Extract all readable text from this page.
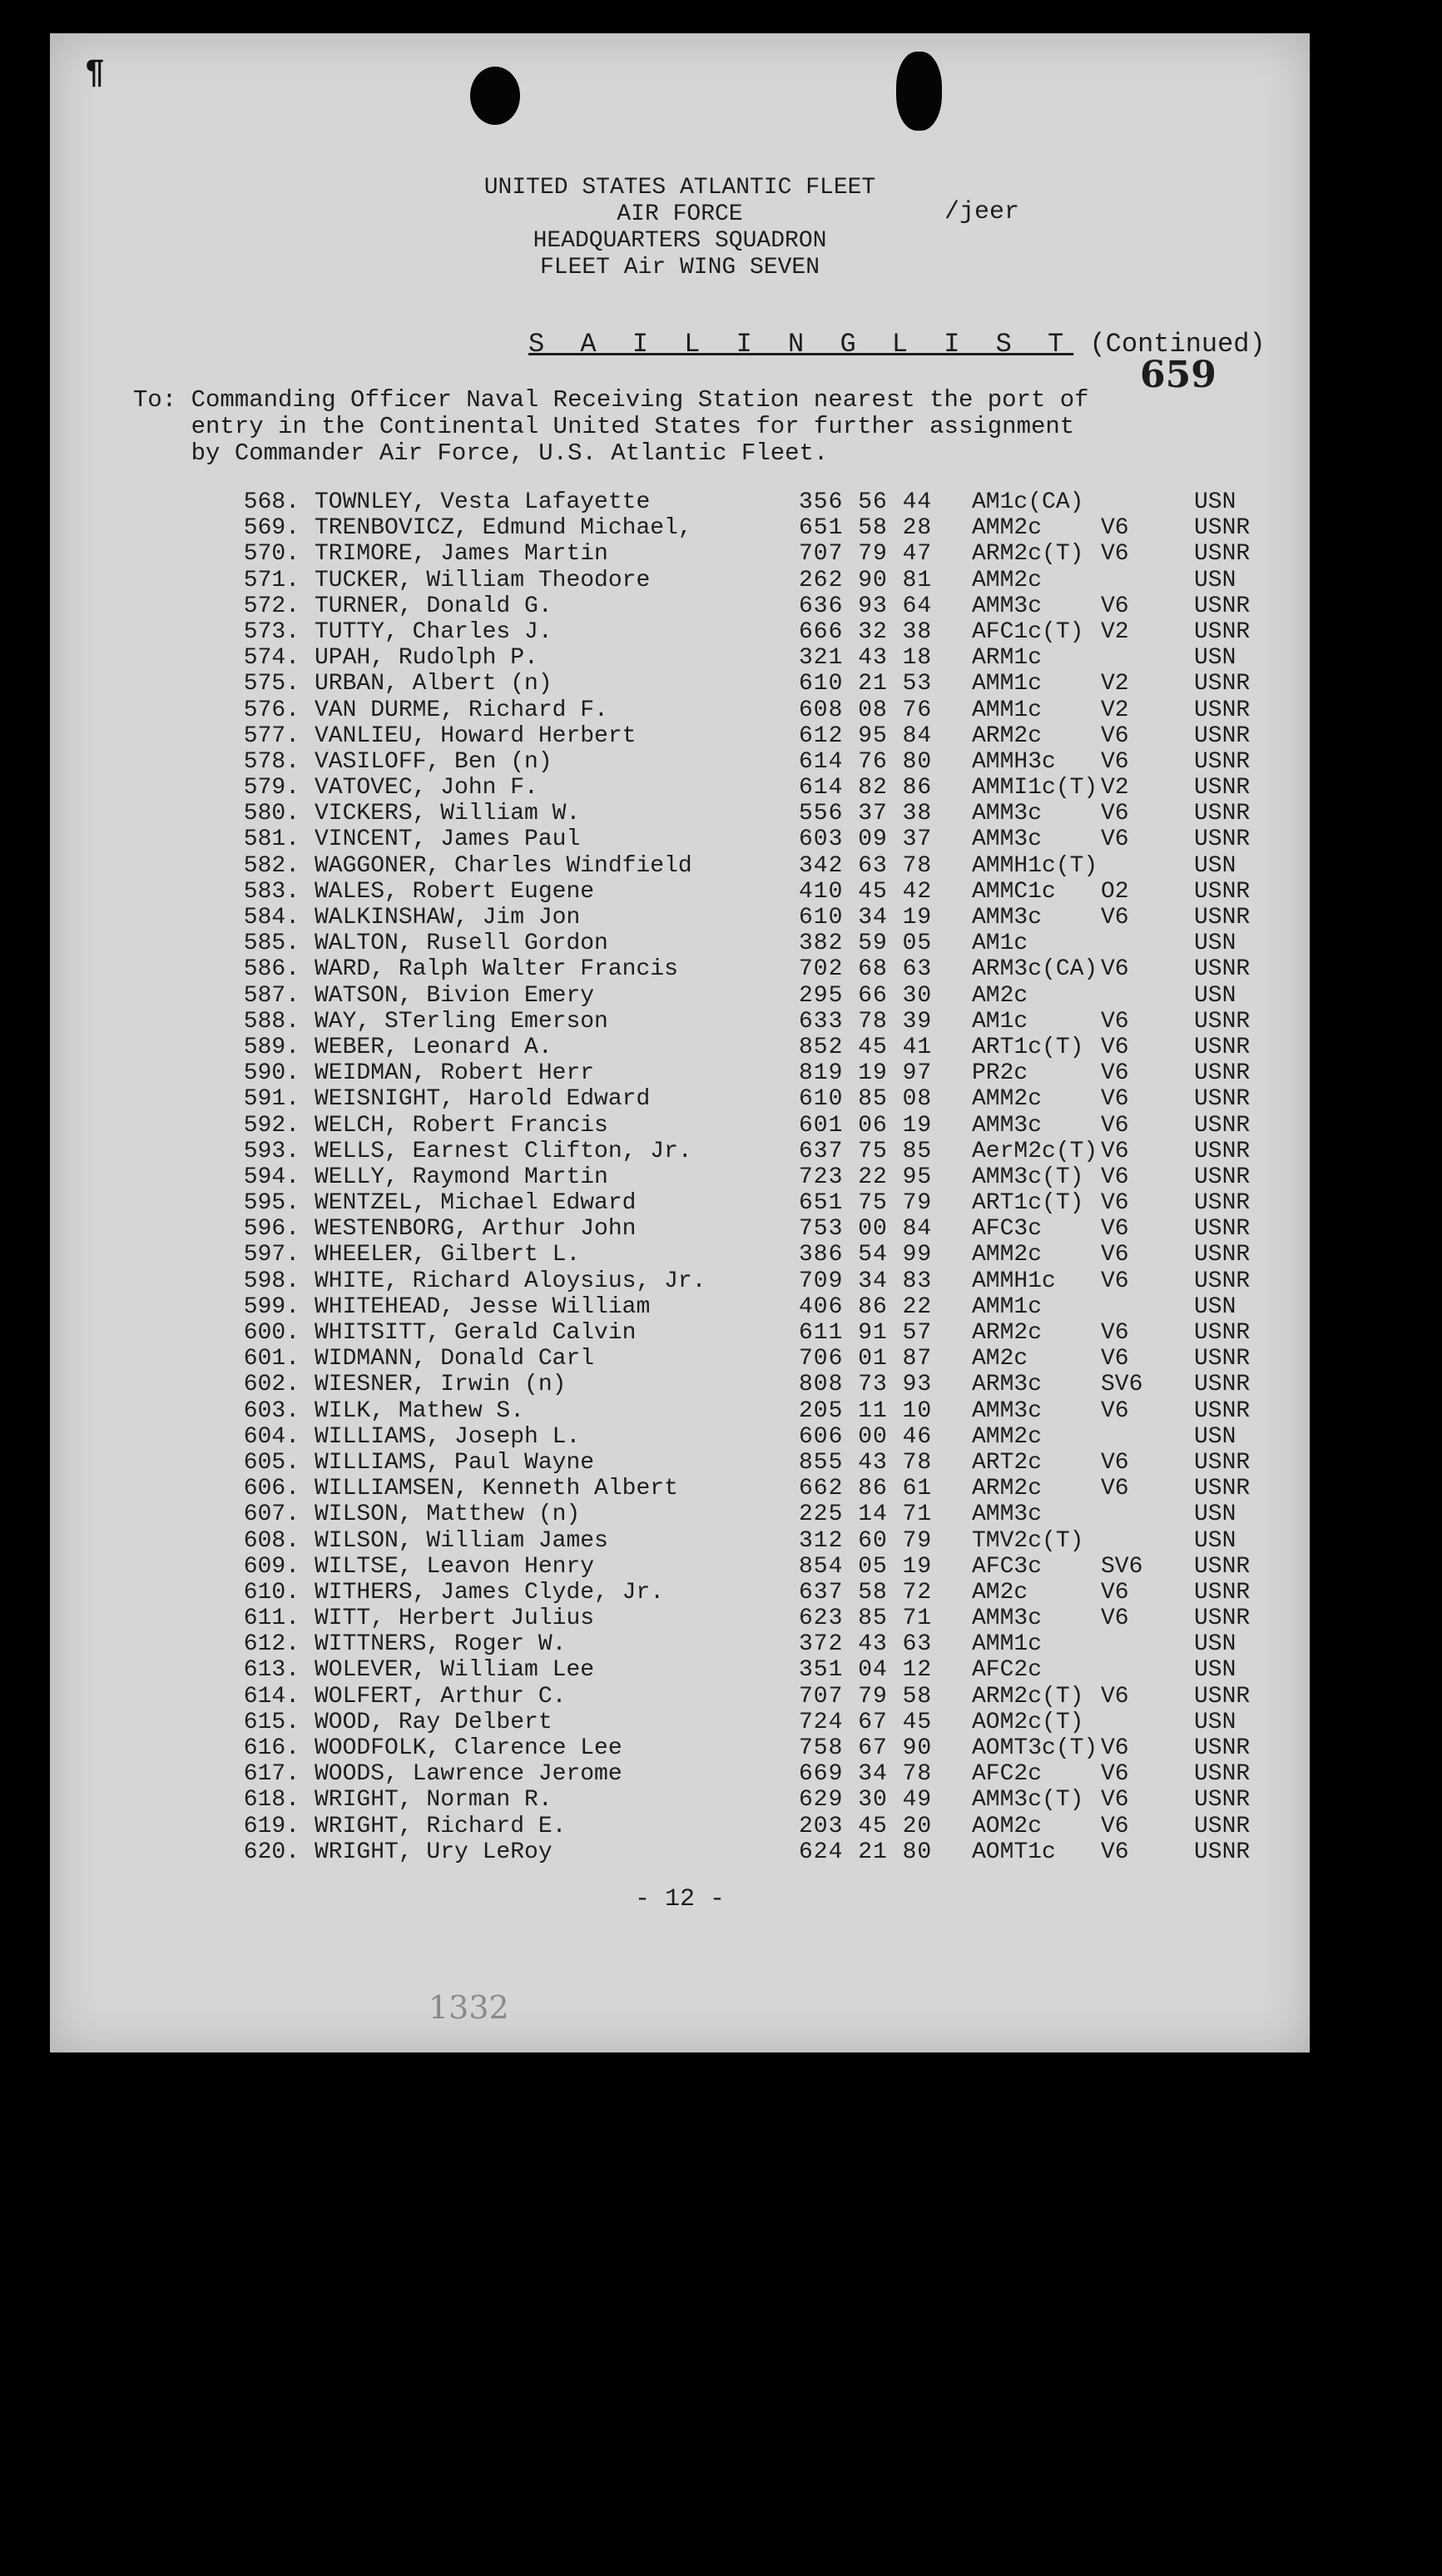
¶
UNITED STATES ATLANTIC FLEET
AIR FORCE
HEADQUARTERS SQUADRON
FLEET Air WING SEVEN
/jeer
S A I L I N G L I S T (Continued)
659
To: Commanding Officer Naval Receiving Station nearest the port of
entry in the Continental United States for further assignment
by Commander Air Force, U.S. Atlantic Fleet.
568. TOWNLEY, Vesta Lafayette	356 56 44 AM1c(CA)	USN
569. TRENBOVICZ, Edmund Michael,	651 58 28 AMM2c	V6	USNR
570. TRIMORE, James Martin	707 79 47 ARM2c(T) V6	USNR
571. TUCKER, William Theodore	262 90 81 AMM2c	USN
572. TURNER, Donald G.	636 93 64 AMM3c	V6	USNR
573. TUTTY, Charles J.	666 32 38 AFC1c(T) V2	USNR
574. UPAH, Rudolph P.	321 43 18 ARM1c	USN
575. URBAN, Albert (n)	610 21 53 AMM1c	V2	USNR
576. VAN DURME, Richard F.	608 08 76 AMM1c	V2	USNR
577. VANLIEU, Howard Herbert	612 95 84 ARM2c	V6	USNR
578. VASILOFF, Ben (n)	614 76 80 AMMH3c V6	USNR
579. VATOVEC, John F.	614 82 86 AMMI1c(T) V2	USNR
580. VICKERS, William W.	556 37 38 AMM3c	V6	USNR
581. VINCENT, James Paul	603 09 37 AMM3c	V6	USNR
582. WAGGONER, Charles Windfield	342 63 78 AMMH1c(T)	USN
583. WALES, Robert Eugene	410 45 42 AMMC1c O2	USNR
584. WALKINSHAW, Jim Jon	610 34 19 AMM3c	V6	USNR
585. WALTON, Rusell Gordon	382 59 05 AM1c	USN
586. WARD, Ralph Walter Francis	702 68 63 ARM3c(CA) V6	USNR
587. WATSON, Bivion Emery	295 66 30 AM2c	USN
588. WAY, STerling Emerson	633 78 39 AM1c	V6	USNR
589. WEBER, Leonard A.	852 45 41 ART1c(T) V6	USNR
590. WEIDMAN, Robert Herr	819 19 97 PR2c	V6	USNR
591. WEISNIGHT, Harold Edward	610 85 08 AMM2c	V6	USNR
592. WELCH, Robert Francis	601 06 19 AMM3c	V6	USNR
593. WELLS, Earnest Clifton, Jr.	637 75 85 AerM2c(T) V6	USNR
594. WELLY, Raymond Martin	723 22 95 AMM3c(T) V6	USNR
595. WENTZEL, Michael Edward	651 75 79 ART1c(T) V6	USNR
596. WESTENBORG, Arthur John	753 00 84 AFC3c	V6	USNR
597. WHEELER, Gilbert L.	386 54 99 AMM2c	V6	USNR
598. WHITE, Richard Aloysius, Jr.	709 34 83 AMMH1c V6	USNR
599. WHITEHEAD, Jesse William	406 86 22 AMM1c	USN
600. WHITSITT, Gerald Calvin	611 91 57 ARM2c	V6	USNR
601. WIDMANN, Donald Carl	706 01 87 AM2c	V6	USNR
602. WIESNER, Irwin (n)	808 73 93 ARM3c	SV6 USNR
603. WILK, Mathew S.	205 11 10 AMM3c	V6	USNR
604. WILLIAMS, Joseph L.	606 00 46 AMM2c	USN
605. WILLIAMS, Paul Wayne	855 43 78 ART2c	V6	USNR
606. WILLIAMSEN, Kenneth Albert	662 86 61 ARM2c	V6	USNR
607. WILSON, Matthew (n)	225 14 71 AMM3c	USN
608. WILSON, William James	312 60 79 TMV2c(T)	USN
609. WILTSE, Leavon Henry	854 05 19 AFC3c	SV6 USNR
610. WITHERS, James Clyde, Jr.	637 58 72 AM2c	V6	USNR
611. WITT, Herbert Julius	623 85 71 AMM3c	V6	USNR
612. WITTNERS, Roger W.	372 43 63 AMM1c	USN
613. WOLEVER, William Lee	351 04 12 AFC2c	USN
614. WOLFERT, Arthur C.	707 79 58 ARM2c(T) V6	USNR
615. WOOD, Ray Delbert	724 67 45 AOM2c(T)	USN
616. WOODFOLK, Clarence Lee	758 67 90 AOMT3c(T) V6	USNR
617. WOODS, Lawrence Jerome	669 34 78 AFC2c	V6	USNR
618. WRIGHT, Norman R.	629 30 49 AMM3c(T) V6	USNR
619. WRIGHT, Richard E.	203 45 20 AOM2c	V6	USNR
620. WRIGHT, Ury LeRoy	624 21 80 AOMT1c V6	USNR
- 12 -
1332
